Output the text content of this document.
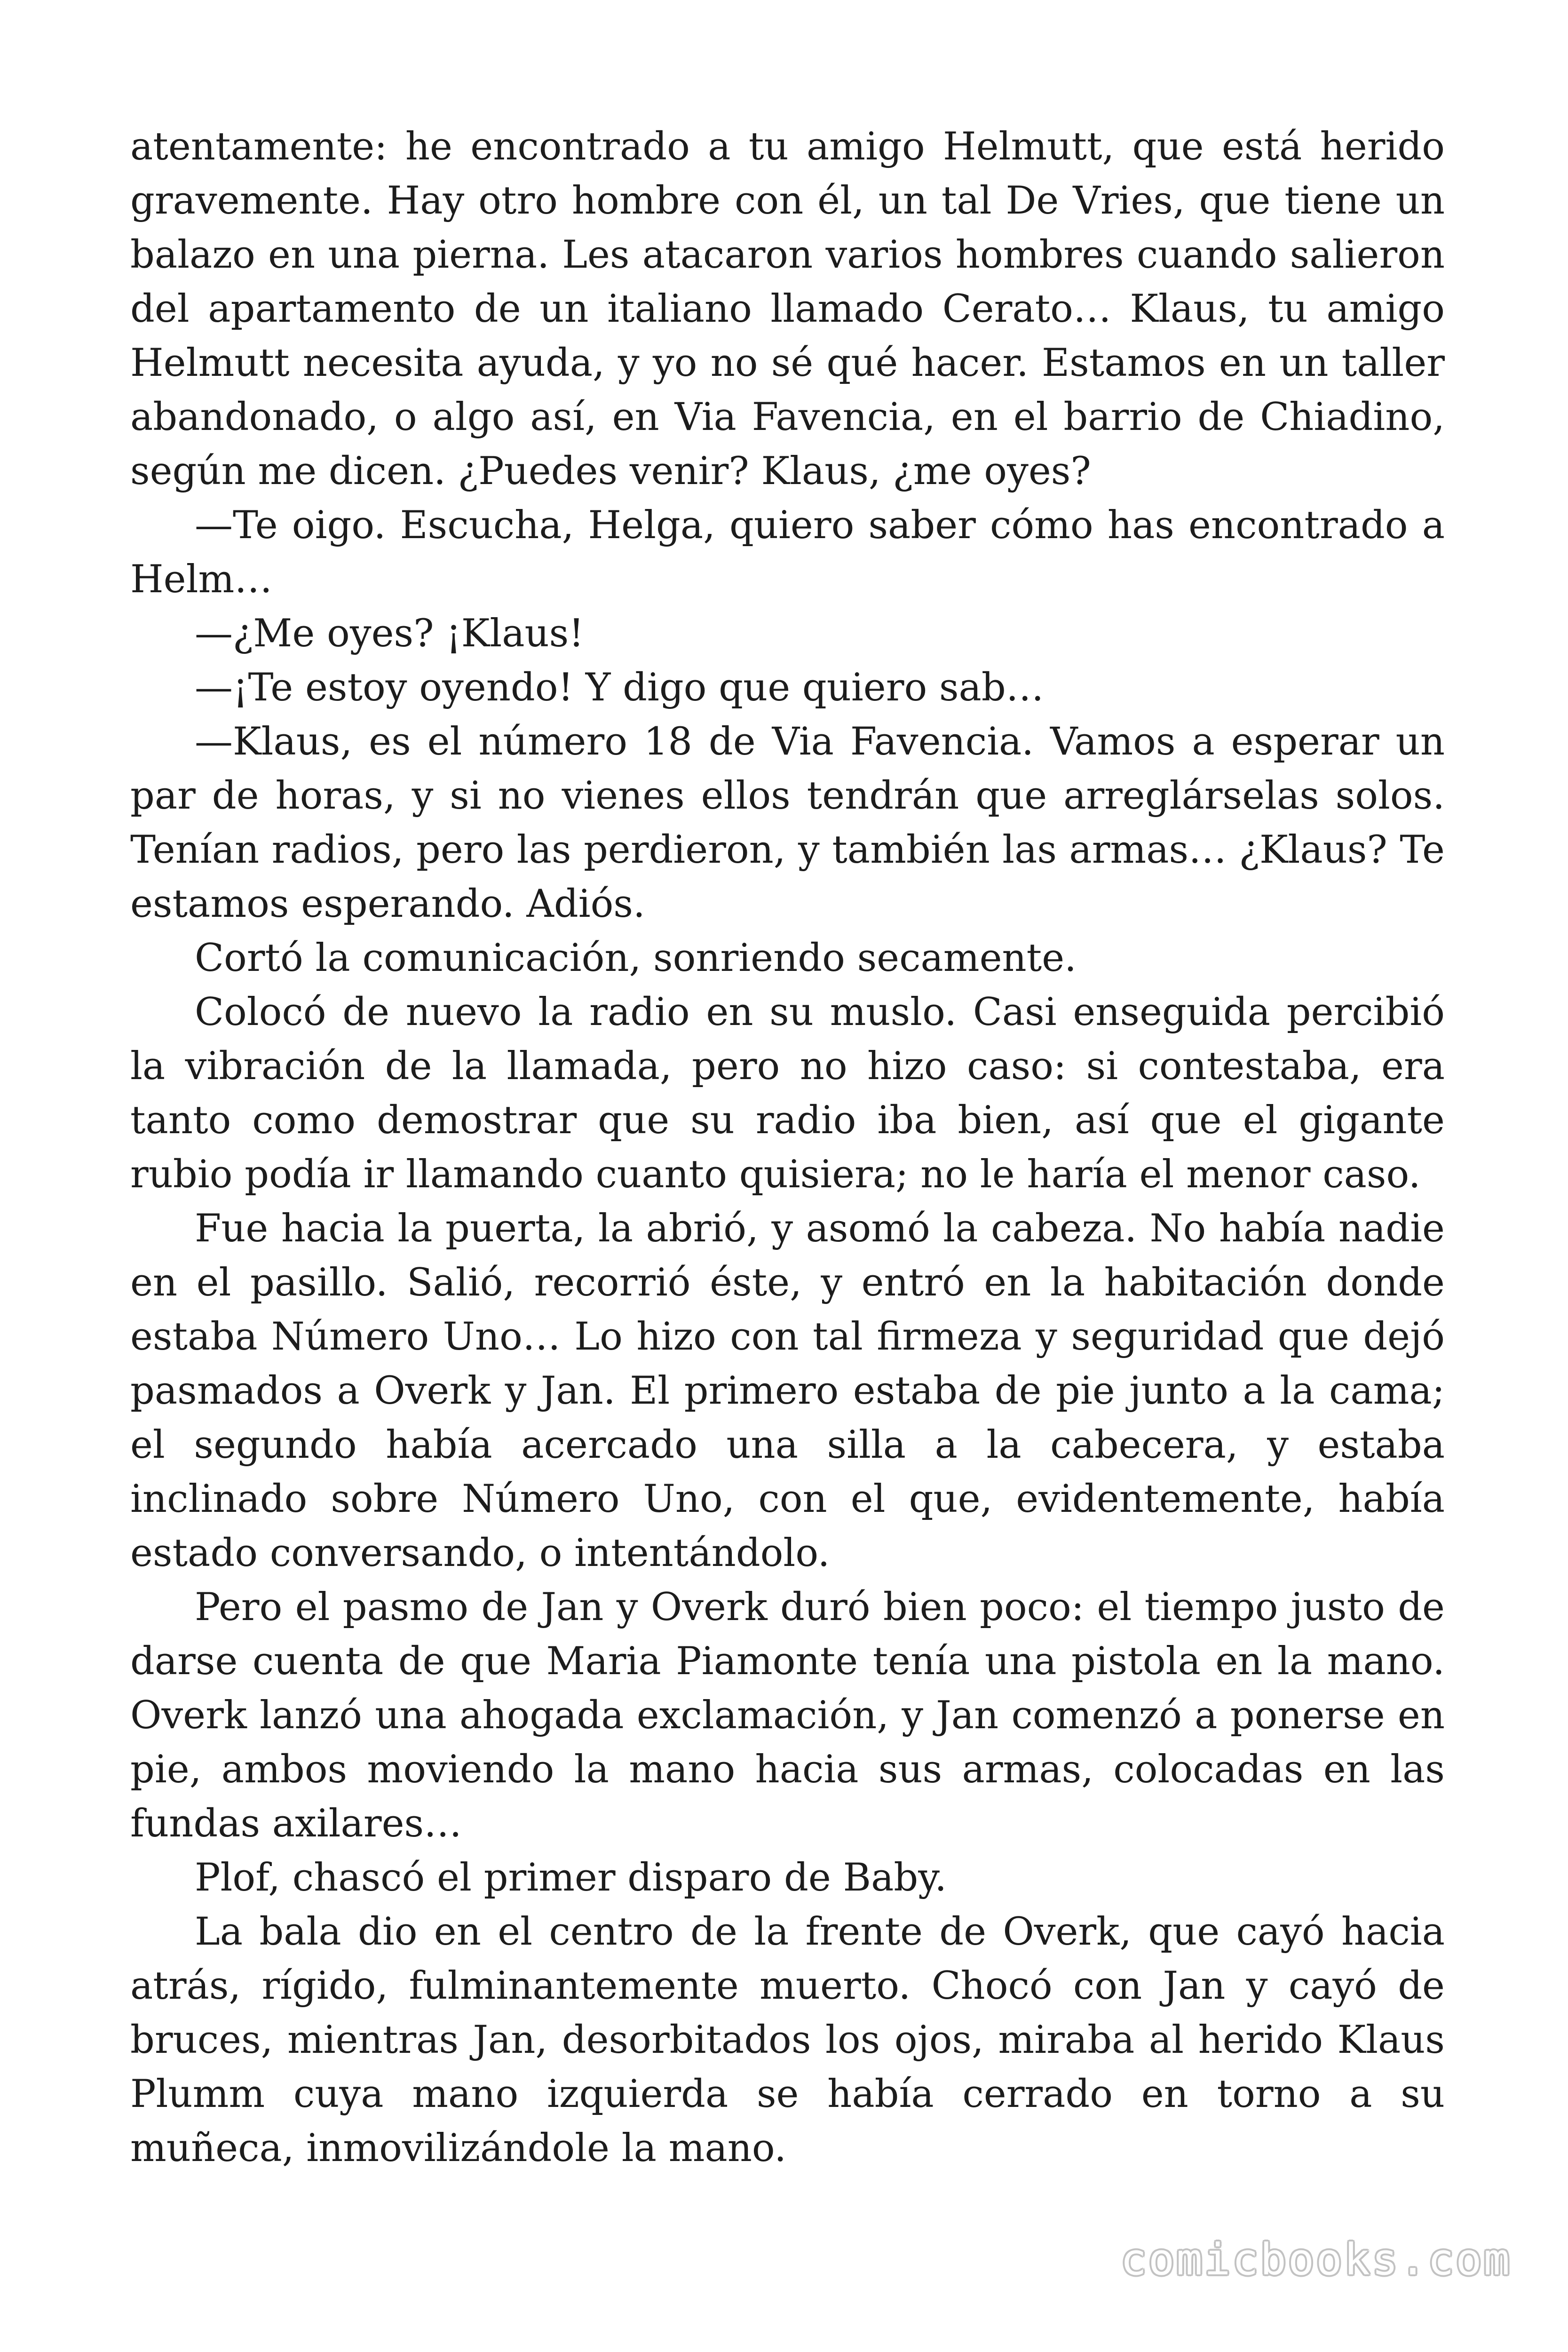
atentamente: he encontrado a tu amigo Helmutt, que está herido gravemente. Hay otro hombre con él, un tal De Vries, que tiene un balazo en una pierna. Les atacaron varios hombres cuando salieron del apartamento de un italiano llamado Cerato… Klaus, tu amigo Helmutt necesita ayuda, y yo no sé qué hacer. Estamos en un taller abandonado, o algo así, en Via Favencia, en el barrio de Chiadino, según me dicen. ¿Puedes venir? Klaus, ¿me oyes?

—Te oigo. Escucha, Helga, quiero saber cómo has encontrado a Helm…

—¿Me oyes? ¡Klaus!

—¡Te estoy oyendo! Y digo que quiero sab…

—Klaus, es el número 18 de Via Favencia. Vamos a esperar un par de horas, y si no vienes ellos tendrán que arreglárselas solos. Tenían radios, pero las perdieron, y también las armas… ¿Klaus? Te estamos esperando. Adiós.

Cortó la comunicación, sonriendo secamente.

Colocó de nuevo la radio en su muslo. Casi enseguida percibió la vibración de la llamada, pero no hizo caso: si contestaba, era tanto como demostrar que su radio iba bien, así que el gigante rubio podía ir llamando cuanto quisiera; no le haría el menor caso.

Fue hacia la puerta, la abrió, y asomó la cabeza. No había nadie en el pasillo. Salió, recorrió éste, y entró en la habitación donde estaba Número Uno… Lo hizo con tal firmeza y seguridad que dejó pasmados a Overk y Jan. El primero estaba de pie junto a la cama; el segundo había acercado una silla a la cabecera, y estaba inclinado sobre Número Uno, con el que, evidentemente, había estado conversando, o intentándolo.

Pero el pasmo de Jan y Overk duró bien poco: el tiempo justo de darse cuenta de que Maria Piamonte tenía una pistola en la mano. Overk lanzó una ahogada exclamación, y Jan comenzó a ponerse en pie, ambos moviendo la mano hacia sus armas, colocadas en las fundas axilares…

Plof, chascó el primer disparo de Baby.

La bala dio en el centro de la frente de Overk, que cayó hacia atrás, rígido, fulminantemente muerto. Chocó con Jan y cayó de bruces, mientras Jan, desorbitados los ojos, miraba al herido Klaus Plumm cuya mano izquierda se había cerrado en torno a su muñeca, inmovilizándole la mano.

comicbooks.com
